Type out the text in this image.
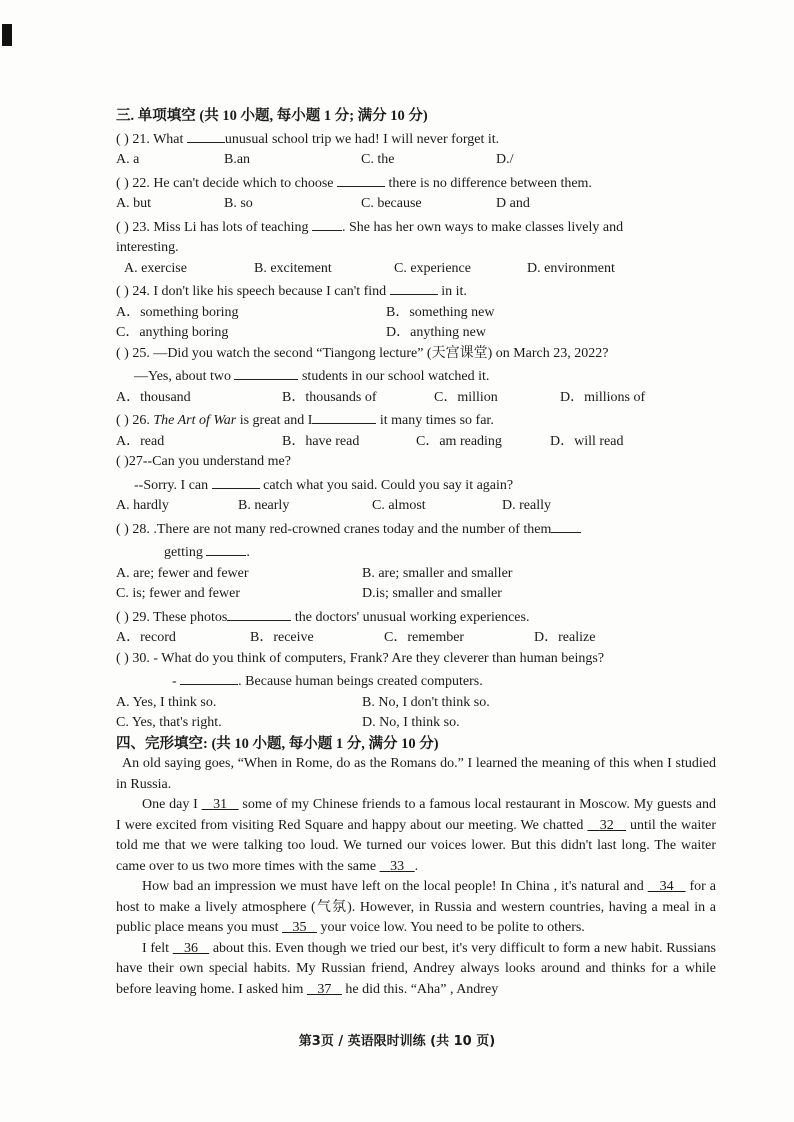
三. 单项填空 (共 10 小题, 每小题 1 分; 满分 10 分)
( ) 21. What	unusual school trip we had! I will never forget it.
A. a	B.an	C. the	D./
( ) 22. He can't decide which to choose	there is no difference between them.
A. but	B. so	C. because	D and
( ) 23. Miss Li has lots of teaching . She has her own ways to make classes lively and
interesting.
A. exercise	B. excitement	C. experience	D. environment
( ) 24. I don't like his speech because I can't find	in it.
A．something boring	B．something new
C．anything boring	D．anything new
( ) 25. —Did you watch the second “Tiangong lecture” (天宫课堂) on March 23, 2022?
—Yes, about two	students in our school watched it.
A．thousand	B．thousands of	C．million	D．millions of
( ) 26. The Art of War is great and I	it many times so far.
A．read	B．have read	C．am reading	D．will read
( )27--Can you understand me?
--Sorry. I can	catch what you said. Could you say it again?
A. hardly	B. nearly	C. almost	D. really
( ) 28. .There are not many red-crowned cranes today and the number of them
getting	.
A. are; fewer and fewer	B. are; smaller and smaller
C. is; fewer and fewer	D.is; smaller and smaller
( ) 29. These photos	the doctors' unusual working experiences.
A．record	B．receive	C．remember	D．realize
( ) 30. - What do you think of computers, Frank? Are they cleverer than human beings?
-	. Because human beings created computers.
A. Yes, I think so.	B. No, I don't think so.
C. Yes, that's right.	D. No, I think so.
四、完形填空: (共 10 小题, 每小题 1 分, 满分 10 分)
An old saying goes, “When in Rome, do as the Romans do.” I learned the meaning of this when I studied in Russia.
One day I    31    some of my Chinese friends to a famous local restaurant in Moscow. My guests and I were excited from visiting Red Square and happy about our meeting. We chatted    32    until the waiter told me that we were talking too loud. We turned our voices lower. But this didn't last long. The waiter came over to us two more times with the same    33 .
How bad an impression we must have left on the local people! In China , it's natural and    34    for a host to make a lively atmosphere (气氛). However, in Russia and western countries, having a meal in a public place means you must    35    your voice low. You need to be polite to others.
I felt    36    about this. Even though we tried our best, it's very difficult to form a new habit. Russians have their own special habits. My Russian friend, Andrey always looks around and thinks for a while before leaving home. I asked him    37    he did this. “Aha” , Andrey
第3页 / 英语限时训练 (共 10 页)
